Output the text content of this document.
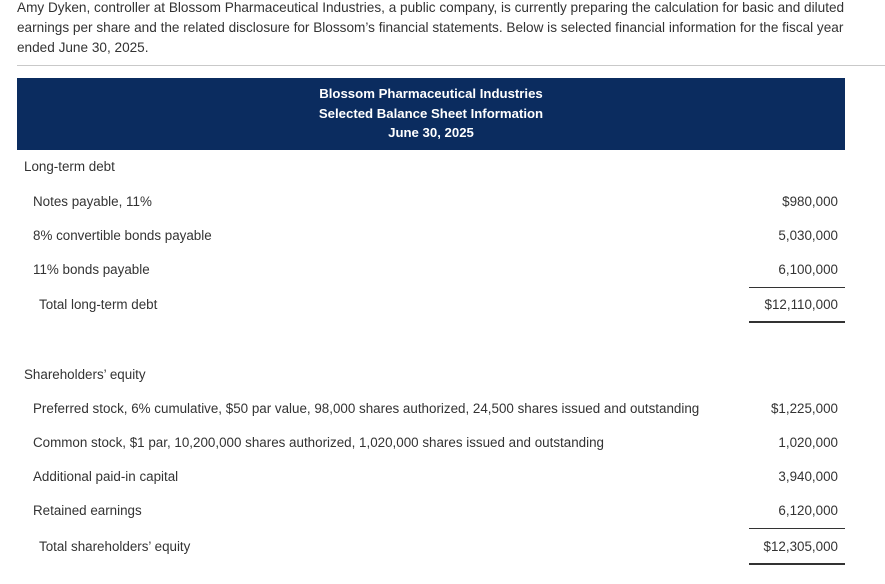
Amy Dyken, controller at Blossom Pharmaceutical Industries, a public company, is currently preparing the calculation for basic and diluted earnings per share and the related disclosure for Blossom’s financial statements. Below is selected financial information for the fiscal year ended June 30, 2025.
Blossom Pharmaceutical Industries
Selected Balance Sheet Information
June 30, 2025
Long-term debt
Notes payable, 11%	$980,000
8% convertible bonds payable	5,030,000
11% bonds payable	6,100,000
Total long-term debt	$12,110,000
Shareholders’ equity
Preferred stock, 6% cumulative, $50 par value, 98,000 shares authorized, 24,500 shares issued and outstanding	$1,225,000
Common stock, $1 par, 10,200,000 shares authorized, 1,020,000 shares issued and outstanding	1,020,000
Additional paid-in capital	3,940,000
Retained earnings	6,120,000
Total shareholders’ equity	$12,305,000
